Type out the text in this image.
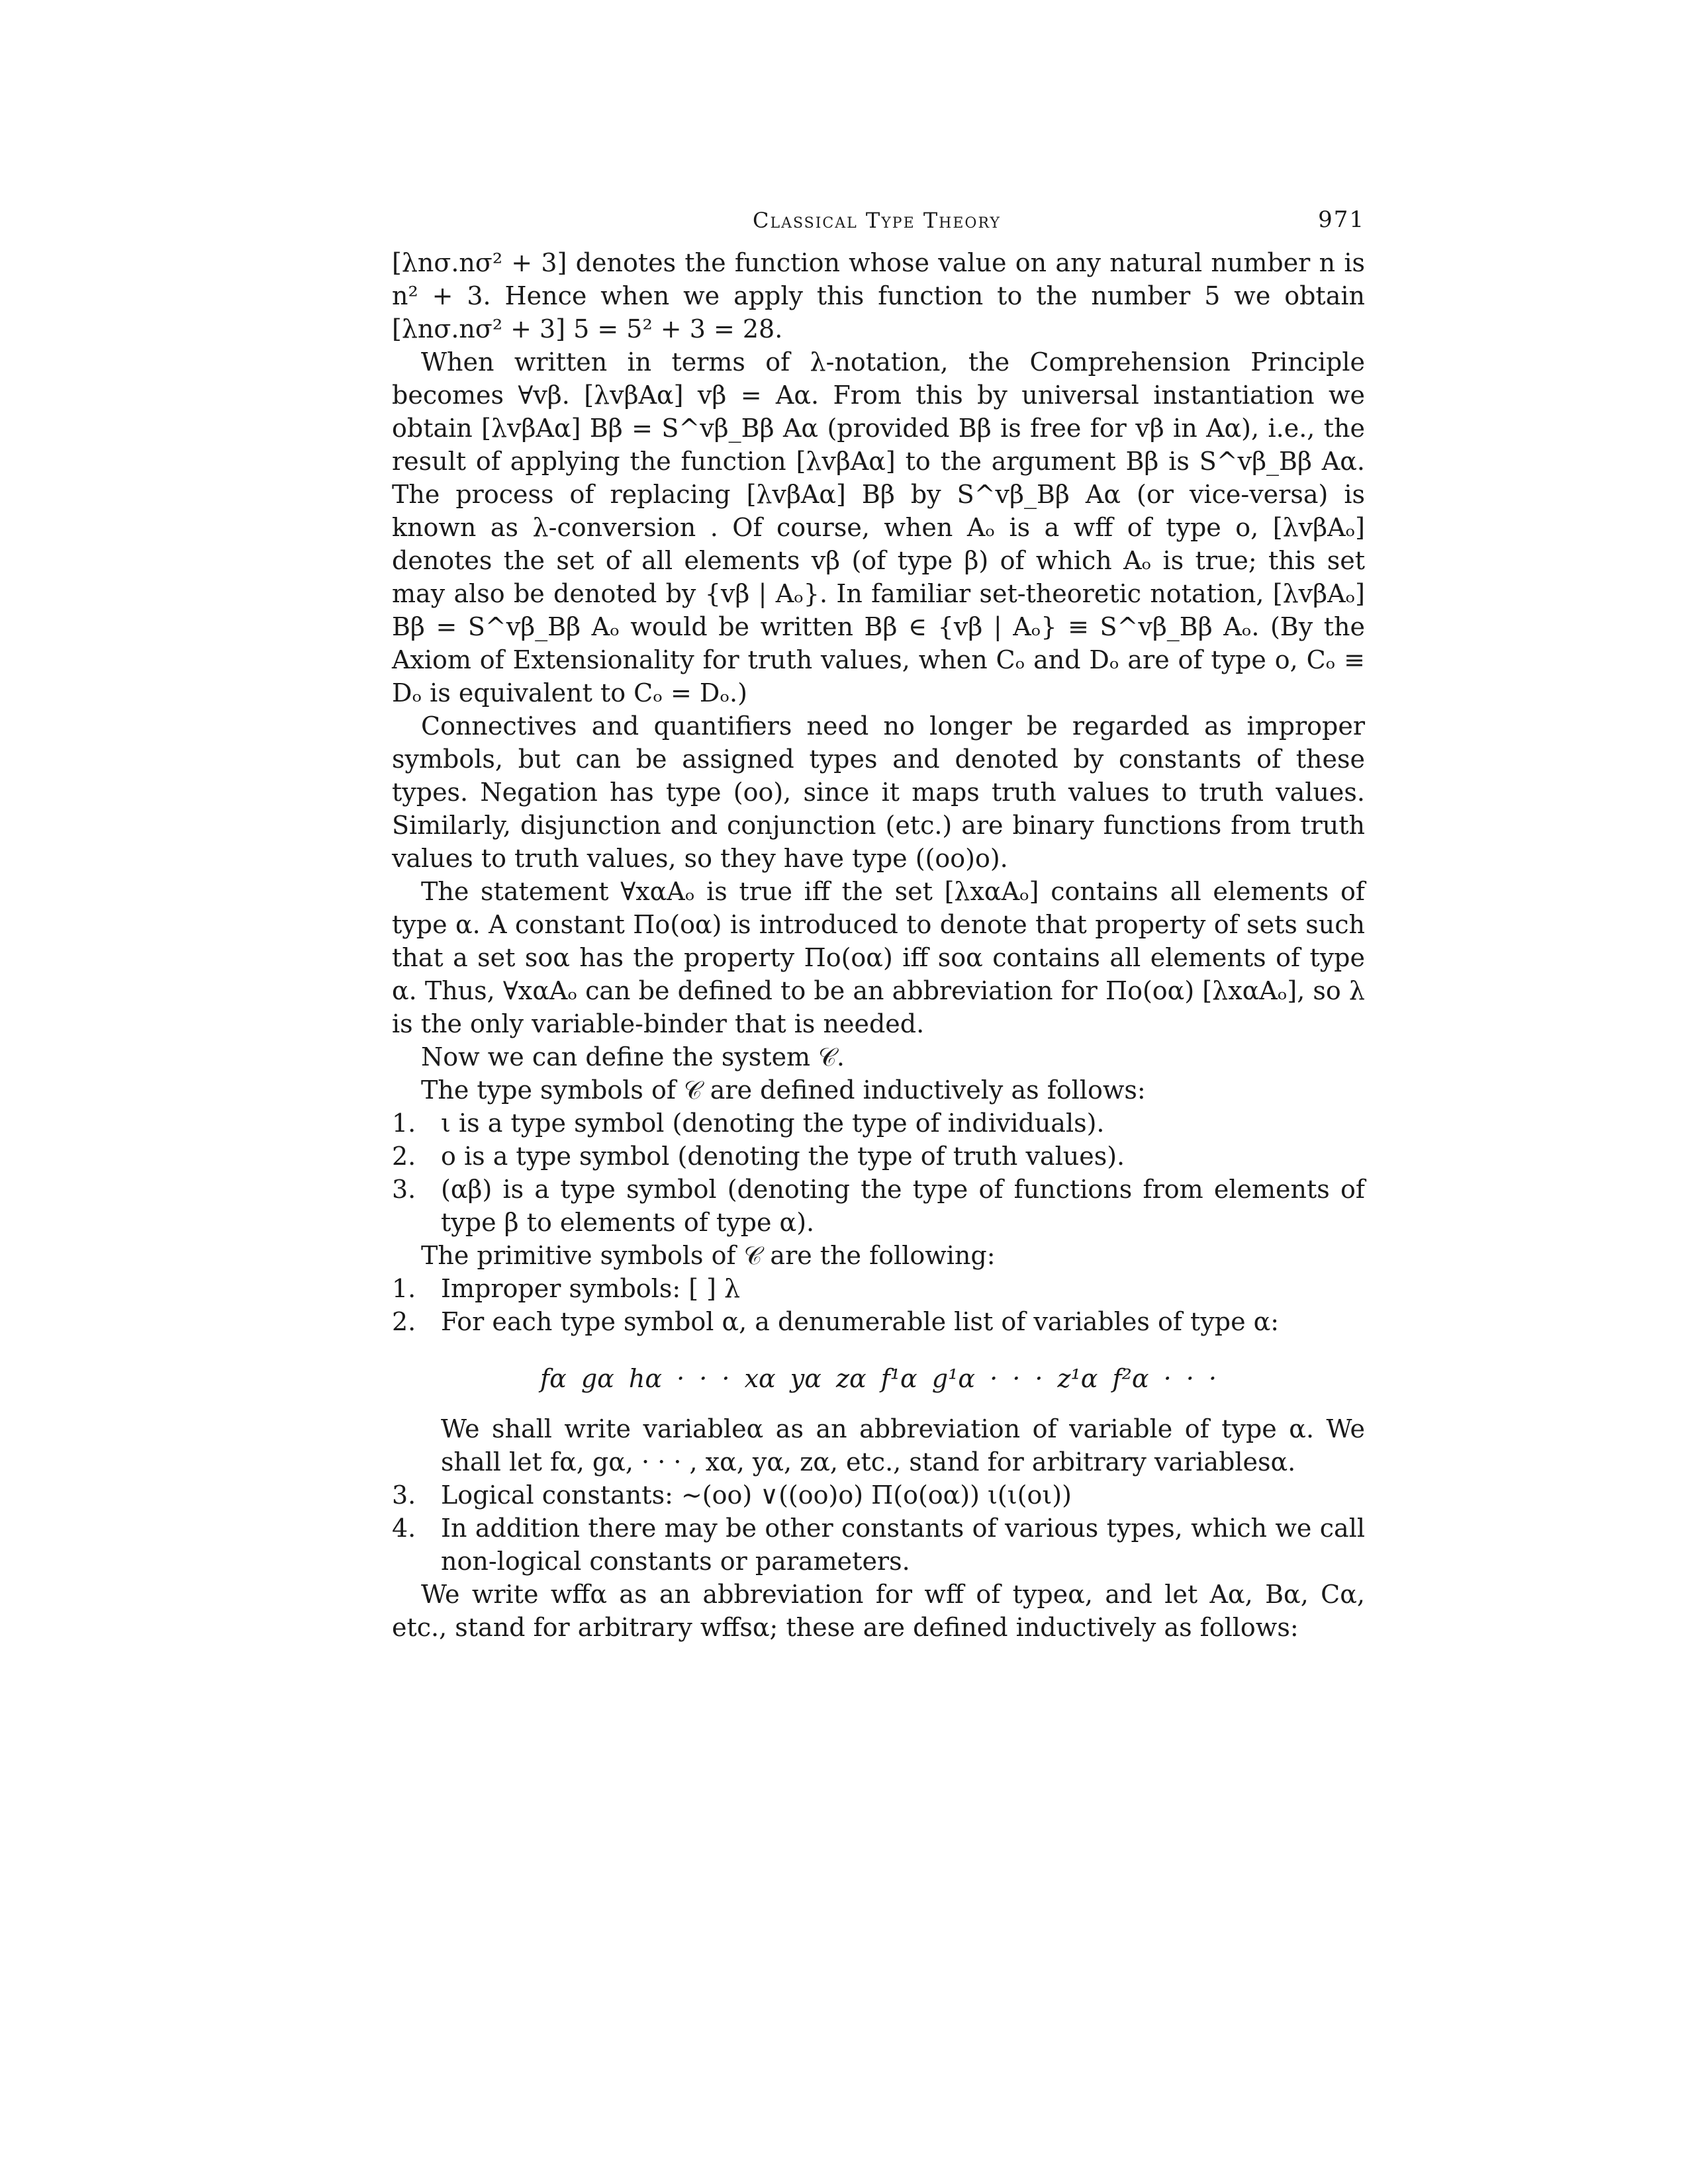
Classical Type Theory	971

[λnσ.nσ² + 3] denotes the function whose value on any natural number n is n² + 3. Hence when we apply this function to the number 5 we obtain [λnσ.nσ² + 3] 5 = 5² + 3 = 28.

When written in terms of λ-notation, the Comprehension Principle becomes ∀vβ. [λvβAα] vβ = Aα. From this by universal instantiation we obtain [λvβAα] Bβ = S^vβ_Bβ Aα (provided Bβ is free for vβ in Aα), i.e., the result of applying the function [λvβAα] to the argument Bβ is S^vβ_Bβ Aα. The process of replacing [λvβAα] Bβ by S^vβ_Bβ Aα (or vice-versa) is known as λ-conversion . Of course, when Aₒ is a wff of type o, [λvβAₒ] denotes the set of all elements vβ (of type β) of which Aₒ is true; this set may also be denoted by {vβ | Aₒ}. In familiar set-theoretic notation, [λvβAₒ] Bβ = S^vβ_Bβ Aₒ would be written Bβ ∈ {vβ | Aₒ} ≡ S^vβ_Bβ Aₒ. (By the Axiom of Extensionality for truth values, when Cₒ and Dₒ are of type o, Cₒ ≡ Dₒ is equivalent to Cₒ = Dₒ.)

Connectives and quantifiers need no longer be regarded as improper symbols, but can be assigned types and denoted by constants of these types. Negation has type (oo), since it maps truth values to truth values. Similarly, disjunction and conjunction (etc.) are binary functions from truth values to truth values, so they have type ((oo)o).

The statement ∀xαAₒ is true iff the set [λxαAₒ] contains all elements of type α. A constant Πo(oα) is introduced to denote that property of sets such that a set soα has the property Πo(oα) iff soα contains all elements of type α. Thus, ∀xαAₒ can be defined to be an abbreviation for Πo(oα) [λxαAₒ], so λ is the only variable-binder that is needed.

Now we can define the system 𝒞.

The type symbols of 𝒞 are defined inductively as follows:

1. ι is a type symbol (denoting the type of individuals).

2. o is a type symbol (denoting the type of truth values).

3. (αβ) is a type symbol (denoting the type of functions from elements of type β to elements of type α).

The primitive symbols of 𝒞 are the following:

1. Improper symbols: [ ] λ

2. For each type symbol α, a denumerable list of variables of type α:

fα gα hα · · · xα yα zα f¹α g¹α · · · z¹α f²α · · ·

We shall write variableα as an abbreviation of variable of type α. We shall let fα, gα, · · · , xα, yα, zα, etc., stand for arbitrary variablesα.

3. Logical constants: ∼(oo) ∨((oo)o) Π(o(oα)) ι(ι(oι))

4. In addition there may be other constants of various types, which we call non-logical constants or parameters.

We write wffα as an abbreviation for wff of typeα, and let Aα, Bα, Cα, etc., stand for arbitrary wffsα; these are defined inductively as follows:
